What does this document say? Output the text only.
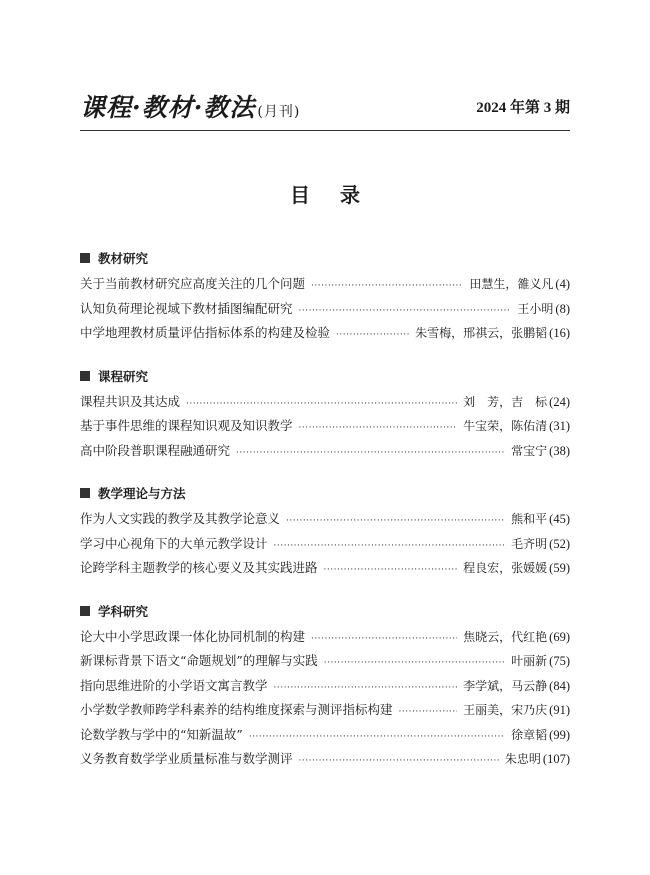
课程·教材·教法 (月刊)	2024 年第 3 期
目录
教材研究
关于当前教材研究应高度关注的几个问题 ·····	田慧生，雒义凡 (4)
认知负荷理论视域下教材插图编配研究 ·····	王小明 (8)
中学地理教材质量评估指标体系的构建及检验 ·····	朱雪梅，邢祺云，张鹏韬 (16)
课程研究
课程共识及其达成 ·····	刘　芳，吉　标 (24)
基于事件思维的课程知识观及知识教学 ·····	牛宝荣，陈佑清 (31)
高中阶段普职课程融通研究 ·····	常宝宁 (38)
教学理论与方法
作为人文实践的教学及其教学论意义 ·····	熊和平 (45)
学习中心视角下的大单元教学设计 ·····	毛齐明 (52)
论跨学科主题教学的核心要义及其实践进路 ·····	程良宏，张媛媛 (59)
学科研究
论大中小学思政课一体化协同机制的构建 ·····	焦晓云，代红艳 (69)
新课标背景下语文“命题规划”的理解与实践 ·····	叶丽新 (75)
指向思维进阶的小学语文寓言教学 ·····	李学斌，马云静 (84)
小学数学教师跨学科素养的结构维度探索与测评指标构建 ·····	王丽美，宋乃庆 (91)
论数学教与学中的“知新温故” ·····	徐章韬 (99)
义务教育数学学业质量标准与数学测评 ·····	朱忠明 (107)
